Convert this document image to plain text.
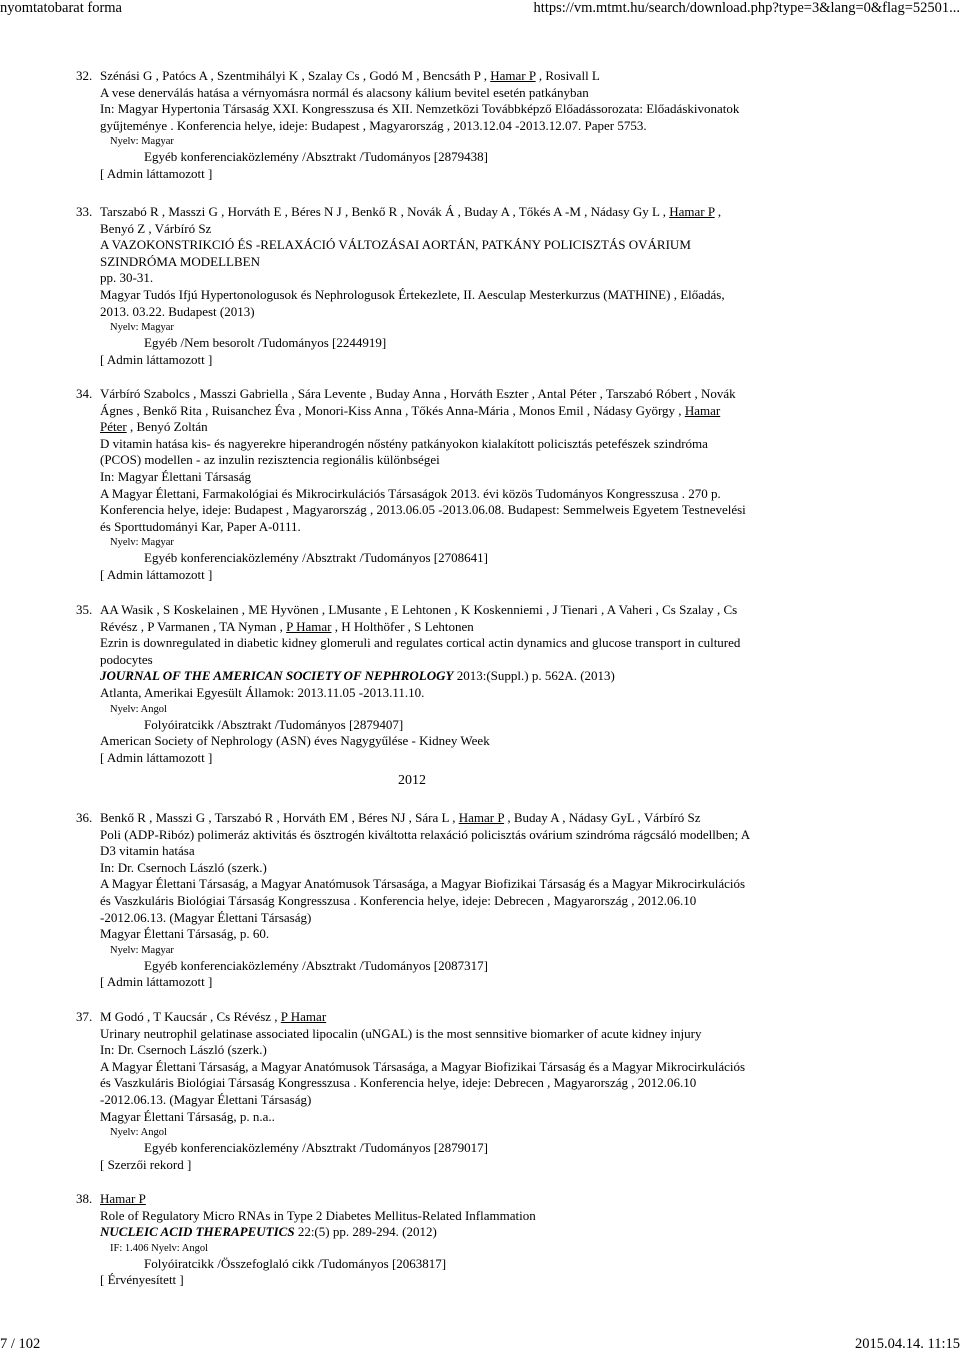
nyomtatobarat forma	https://vm.mtmt.hu/search/download.php?type=3&lang=0&flag=52501...
32. Szénási G , Patócs A , Szentmihályi K , Szalay Cs , Godó M , Bencsáth P , Hamar P , Rosivall L
A vese denerválás hatása a vérnyomásra normál és alacsony kálium bevitel esetén patkányban
In: Magyar Hypertonia Társaság XXI. Kongresszusa és XII. Nemzetközi Továbbképző Előadássorozata: Előadáskivonatok
gyűjteménye . Konferencia helye, ideje: Budapest , Magyarország , 2013.12.04 -2013.12.07. Paper 5753.
Nyelv: Magyar
Egyéb konferenciaközlemény /Absztrakt /Tudományos [2879438]
[ Admin láttamozott ]
33. Tarszabó R , Masszi G , Horváth E , Béres N J , Benkő R , Novák Á , Buday A , Tőkés A -M , Nádasy Gy L , Hamar P ,
Benyó Z , Várbíró Sz
A VAZOKONSTRIKCIÓ ÉS -RELAXÁCIÓ VÁLTOZÁSAI AORTÁN, PATKÁNY POLICISZTÁS OVÁRIUM
SZINDRÓMA MODELLBEN
pp. 30-31.
Magyar Tudós Ifjú Hypertonologusok és Nephrologusok Értekezlete, II. Aesculap Mesterkurzus (MATHINE) , Előadás,
2013. 03.22. Budapest (2013)
Nyelv: Magyar
Egyéb /Nem besorolt /Tudományos [2244919]
[ Admin láttamozott ]
34. Várbíró Szabolcs , Masszi Gabriella , Sára Levente , Buday Anna , Horváth Eszter , Antal Péter , Tarszabó Róbert , Novák
Ágnes , Benkő Rita , Ruisanchez Éva , Monori-Kiss Anna , Tőkés Anna-Mária , Monos Emil , Nádasy György , Hamar
Péter , Benyó Zoltán
D vitamin hatása kis- és nagyerekre hiperandrogén nőstény patkányokon kialakított policisztás petefészek szindróma
(PCOS) modellen - az inzulin rezisztencia regionális különbségei
In: Magyar Élettani Társaság
A Magyar Élettani, Farmakológiai és Mikrocirkulációs Társaságok 2013. évi közös Tudományos Kongresszusa . 270 p.
Konferencia helye, ideje: Budapest , Magyarország , 2013.06.05 -2013.06.08. Budapest: Semmelweis Egyetem Testnevelési
és Sporttudományi Kar, Paper A-0111.
Nyelv: Magyar
Egyéb konferenciaközlemény /Absztrakt /Tudományos [2708641]
[ Admin láttamozott ]
35. AA Wasik , S Koskelainen , ME Hyvönen , LMusante , E Lehtonen , K Koskenniemi , J Tienari , A Vaheri , Cs Szalay , Cs
Révész , P Varmanen , TA Nyman , P Hamar , H Holthöfer , S Lehtonen
Ezrin is downregulated in diabetic kidney glomeruli and regulates cortical actin dynamics and glucose transport in cultured
podocytes
JOURNAL OF THE AMERICAN SOCIETY OF NEPHROLOGY 2013:(Suppl.) p. 562A. (2013)
Atlanta, Amerikai Egyesült Államok: 2013.11.05 -2013.11.10.
Nyelv: Angol
Folyóiratcikk /Absztrakt /Tudományos [2879407]
American Society of Nephrology (ASN) éves Nagygyűlése - Kidney Week
[ Admin láttamozott ]
2012
36. Benkő R , Masszi G , Tarszabó R , Horváth EM , Béres NJ , Sára L , Hamar P , Buday A , Nádasy GyL , Várbíró Sz
Poli (ADP-Ribóz) polimeráz aktivitás és ösztrogén kiváltotta relaxáció policisztás ovárium szindróma rágcsáló modellben; A
D3 vitamin hatása
In: Dr. Csernoch László (szerk.)
A Magyar Élettani Társaság, a Magyar Anatómusok Társasága, a Magyar Biofizikai Társaság és a Magyar Mikrocirkulációs
és Vaszkuláris Biológiai Társaság Kongresszusa . Konferencia helye, ideje: Debrecen , Magyarország , 2012.06.10
-2012.06.13. (Magyar Élettani Társaság)
Magyar Élettani Társaság, p. 60.
Nyelv: Magyar
Egyéb konferenciaközlemény /Absztrakt /Tudományos [2087317]
[ Admin láttamozott ]
37. M Godó , T Kaucsár , Cs Révész , P Hamar
Urinary neutrophil gelatinase associated lipocalin (uNGAL) is the most sennsitive biomarker of acute kidney injury
In: Dr. Csernoch László (szerk.)
A Magyar Élettani Társaság, a Magyar Anatómusok Társasága, a Magyar Biofizikai Társaság és a Magyar Mikrocirkulációs
és Vaszkuláris Biológiai Társaság Kongresszusa . Konferencia helye, ideje: Debrecen , Magyarország , 2012.06.10
-2012.06.13. (Magyar Élettani Társaság)
Magyar Élettani Társaság, p. n.a..
Nyelv: Angol
Egyéb konferenciaközlemény /Absztrakt /Tudományos [2879017]
[ Szerzői rekord ]
38. Hamar P
Role of Regulatory Micro RNAs in Type 2 Diabetes Mellitus-Related Inflammation
NUCLEIC ACID THERAPEUTICS 22:(5) pp. 289-294. (2012)
IF: 1.406 Nyelv: Angol
Folyóiratcikk /Összefoglaló cikk /Tudományos [2063817]
[ Érvényesített ]
7 / 102	2015.04.14. 11:15
